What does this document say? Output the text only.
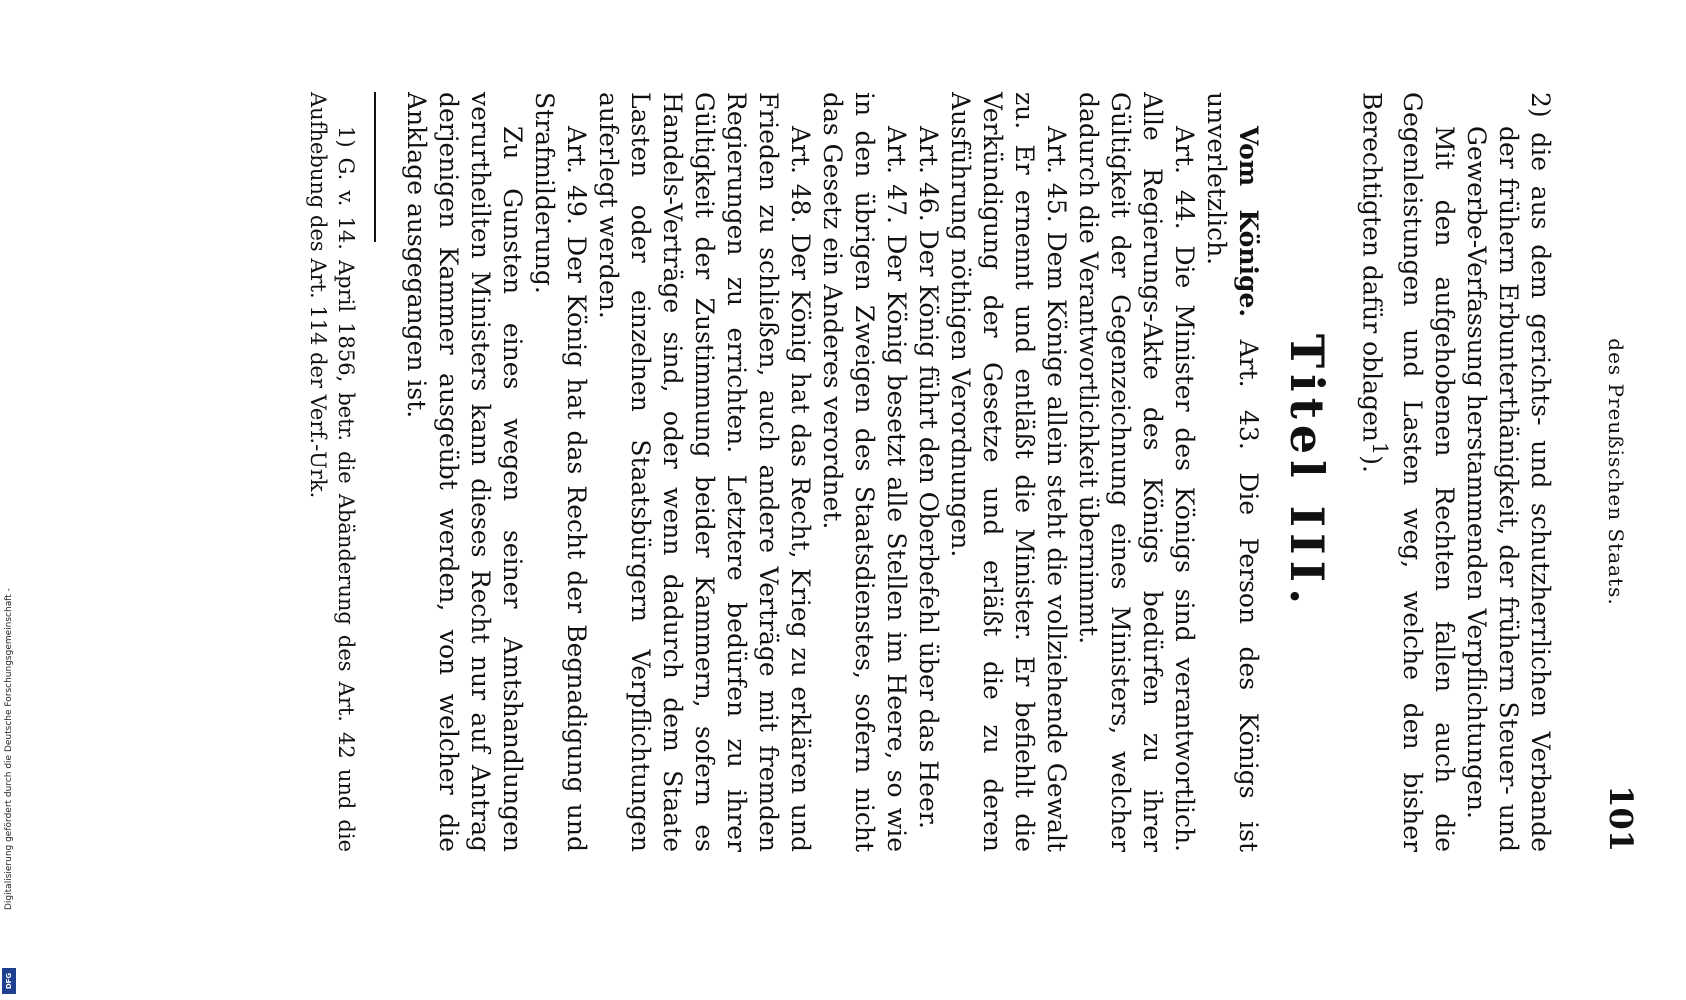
des Preußischen Staats.
101

2) die aus dem gerichts- und schutzherrlichen Verbande der frühern Erbunterthänigkeit, der frühern Steuer- und Gewerbe-Verfassung herstammenden Verpflichtungen.

Mit den aufgehobenen Rechten fallen auch die Gegenleistungen und Lasten weg, welche den bisher Berechtigten dafür oblagen$^1$).

Titel III.

Vom Könige. Art. 43. Die Person des Königs ist unverletzlich.

Art. 44. Die Minister des Königs sind verantwortlich. Alle Regierungs-Akte des Königs bedürfen zu ihrer Gültigkeit der Gegenzeichnung eines Ministers, welcher dadurch die Verantwortlichkeit übernimmt.

Art. 45. Dem Könige allein steht die vollziehende Gewalt zu. Er ernennt und entläßt die Minister. Er befiehlt die Verkündigung der Gesetze und erläßt die zu deren Ausführung nöthigen Verordnungen.

Art. 46. Der König führt den Oberbefehl über das Heer.

Art. 47. Der König besetzt alle Stellen im Heere, so wie in den übrigen Zweigen des Staatsdienstes, sofern nicht das Gesetz ein Anderes verordnet.

Art. 48. Der König hat das Recht, Krieg zu erklären und Frieden zu schließen, auch andere Verträge mit fremden Regierungen zu errichten. Letztere bedürfen zu ihrer Gültigkeit der Zustimmung beider Kammern, sofern es Handels-Verträge sind, oder wenn dadurch dem Staate Lasten oder einzelnen Staatsbürgern Verpflichtungen auferlegt werden.

Art. 49. Der König hat das Recht der Begnadigung und Strafmilderung.

Zu Gunsten eines wegen seiner Amtshandlungen verurtheilten Ministers kann dieses Recht nur auf Antrag derjenigen Kammer ausgeübt werden, von welcher die Anklage ausgegangen ist.

1) G. v. 14. April 1856, betr. die Abänderung des Art. 42 und die Aufhebung des Art. 114 der Verf.-Urk.

Digitalisierung gefördert durch die Deutsche Forschungsgemeinschaft -
DFG
